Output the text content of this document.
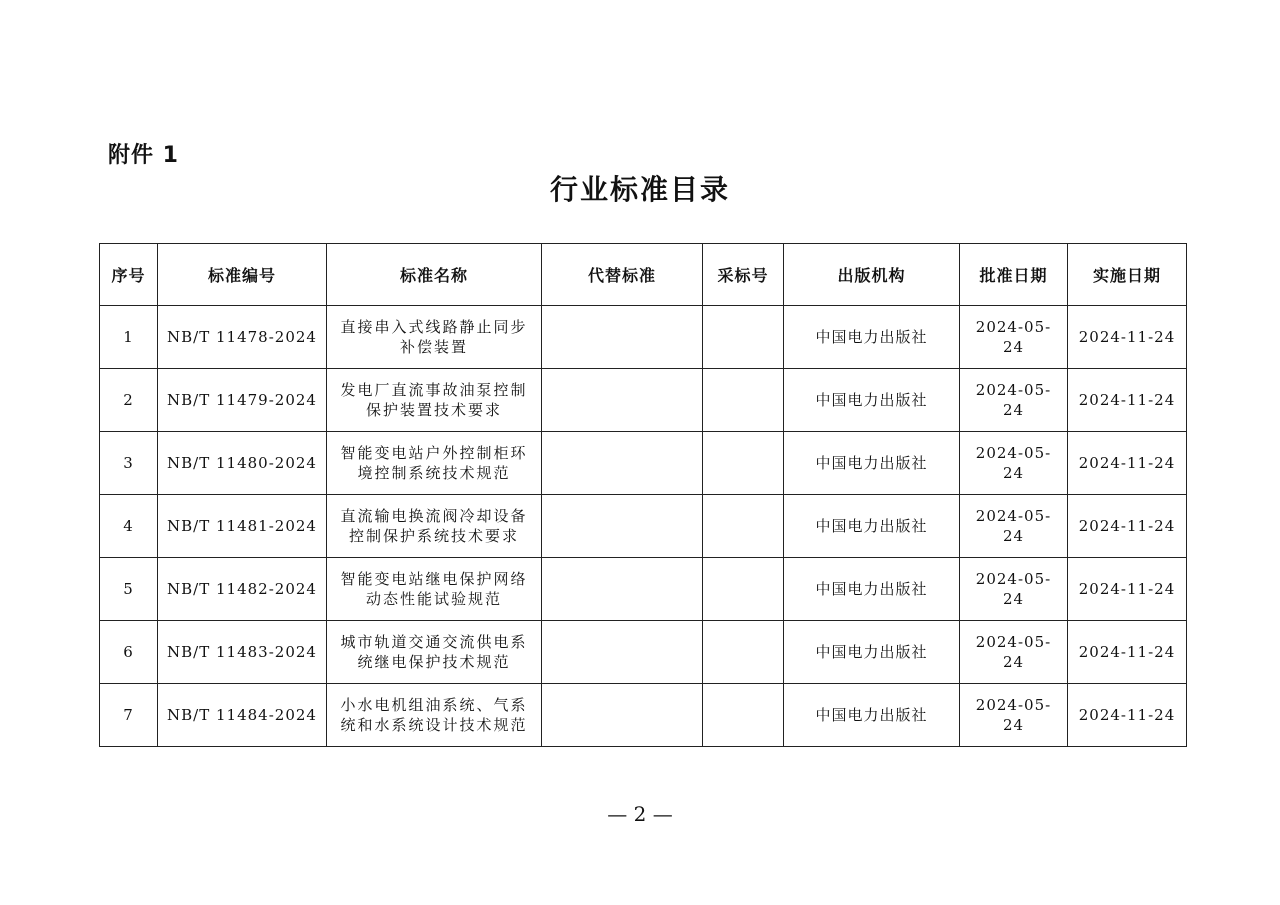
附件 1
行业标准目录
序号	标准编号	标准名称	代替标准	采标号	出版机构	批准日期	实施日期
1	NB/T 11478-2024	直接串入式线路静止同步补偿装置			中国电力出版社	2024-05-24	2024-11-24
2	NB/T 11479-2024	发电厂直流事故油泵控制保护装置技术要求			中国电力出版社	2024-05-24	2024-11-24
3	NB/T 11480-2024	智能变电站户外控制柜环境控制系统技术规范			中国电力出版社	2024-05-24	2024-11-24
4	NB/T 11481-2024	直流输电换流阀冷却设备控制保护系统技术要求			中国电力出版社	2024-05-24	2024-11-24
5	NB/T 11482-2024	智能变电站继电保护网络动态性能试验规范			中国电力出版社	2024-05-24	2024-11-24
6	NB/T 11483-2024	城市轨道交通交流供电系统继电保护技术规范			中国电力出版社	2024-05-24	2024-11-24
7	NB/T 11484-2024	小水电机组油系统、气系统和水系统设计技术规范			中国电力出版社	2024-05-24	2024-11-24
— 2 —
